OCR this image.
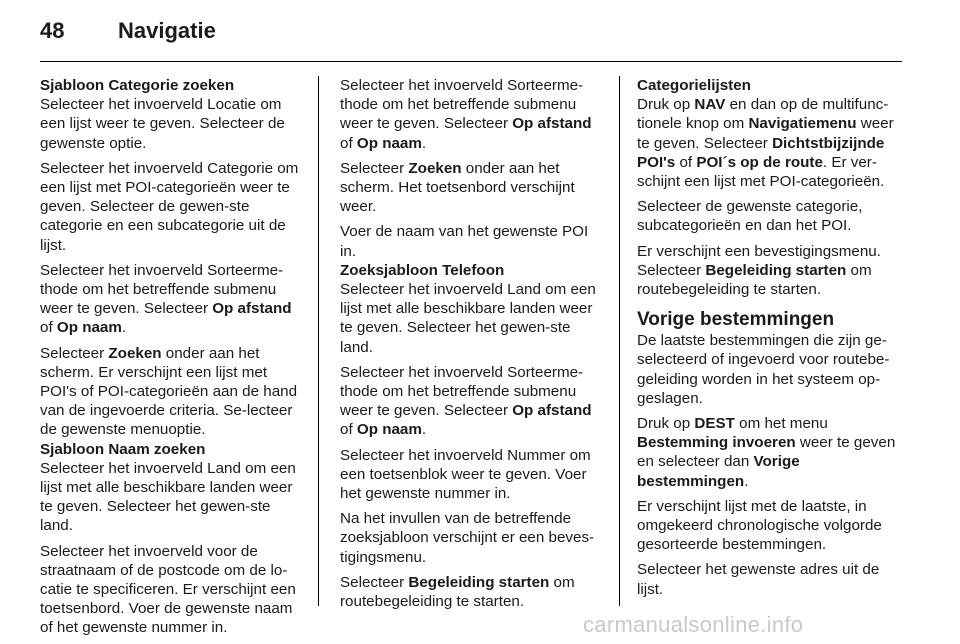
48	Navigatie
Sjabloon Categorie zoeken

Selecteer het invoerveld Locatie om een lijst weer te geven. Selecteer de gewenste optie.

Selecteer het invoerveld Categorie om een lijst met POI-categorieën weer te geven. Selecteer de gewen-ste categorie en een subcategorie uit de lijst.

Selecteer het invoerveld Sorteerme-thode om het betreffende submenu weer te geven. Selecteer Op afstand of Op naam.

Selecteer Zoeken onder aan het scherm. Er verschijnt een lijst met POI's of POI-categorieën aan de hand van de ingevoerde criteria. Se-lecteer de gewenste menuoptie.

Sjabloon Naam zoeken

Selecteer het invoerveld Land om een lijst met alle beschikbare landen weer te geven. Selecteer het gewen-ste land.

Selecteer het invoerveld voor de straatnaam of de postcode om de lo-catie te specificeren. Er verschijnt een toetsenbord. Voer de gewenste naam of het gewenste nummer in.

Selecteer het invoerveld Sorteerme-thode om het betreffende submenu weer te geven. Selecteer Op afstand of Op naam.

Selecteer Zoeken onder aan het scherm. Het toetsenbord verschijnt weer.

Voer de naam van het gewenste POI in.

Zoeksjabloon Telefoon

Selecteer het invoerveld Land om een lijst met alle beschikbare landen weer te geven. Selecteer het gewen-ste land.

Selecteer het invoerveld Sorteerme-thode om het betreffende submenu weer te geven. Selecteer Op afstand of Op naam.

Selecteer het invoerveld Nummer om een toetsenblok weer te geven. Voer het gewenste nummer in.

Na het invullen van de betreffende zoeksjabloon verschijnt er een beves-tigingsmenu.

Selecteer Begeleiding starten om routebegeleiding te starten.

Categorielijsten

Druk op NAV en dan op de multifunc-tionele knop om Navigatiemenu weer te geven. Selecteer Dichtstbijzijnde POI's of POI´s op de route. Er ver-schijnt een lijst met POI-categorieën.

Selecteer de gewenste categorie, subcategorieën en dan het POI.

Er verschijnt een bevestigingsmenu. Selecteer Begeleiding starten om routebegeleiding te starten.

Vorige bestemmingen

De laatste bestemmingen die zijn ge-selecteerd of ingevoerd voor routebe-geleiding worden in het systeem op-geslagen.

Druk op DEST om het menu Bestemming invoeren weer te geven en selecteer dan Vorige bestemmingen.

Er verschijnt lijst met de laatste, in omgekeerd chronologische volgorde gesorteerde bestemmingen.

Selecteer het gewenste adres uit de lijst.

carmanualsonline.info
